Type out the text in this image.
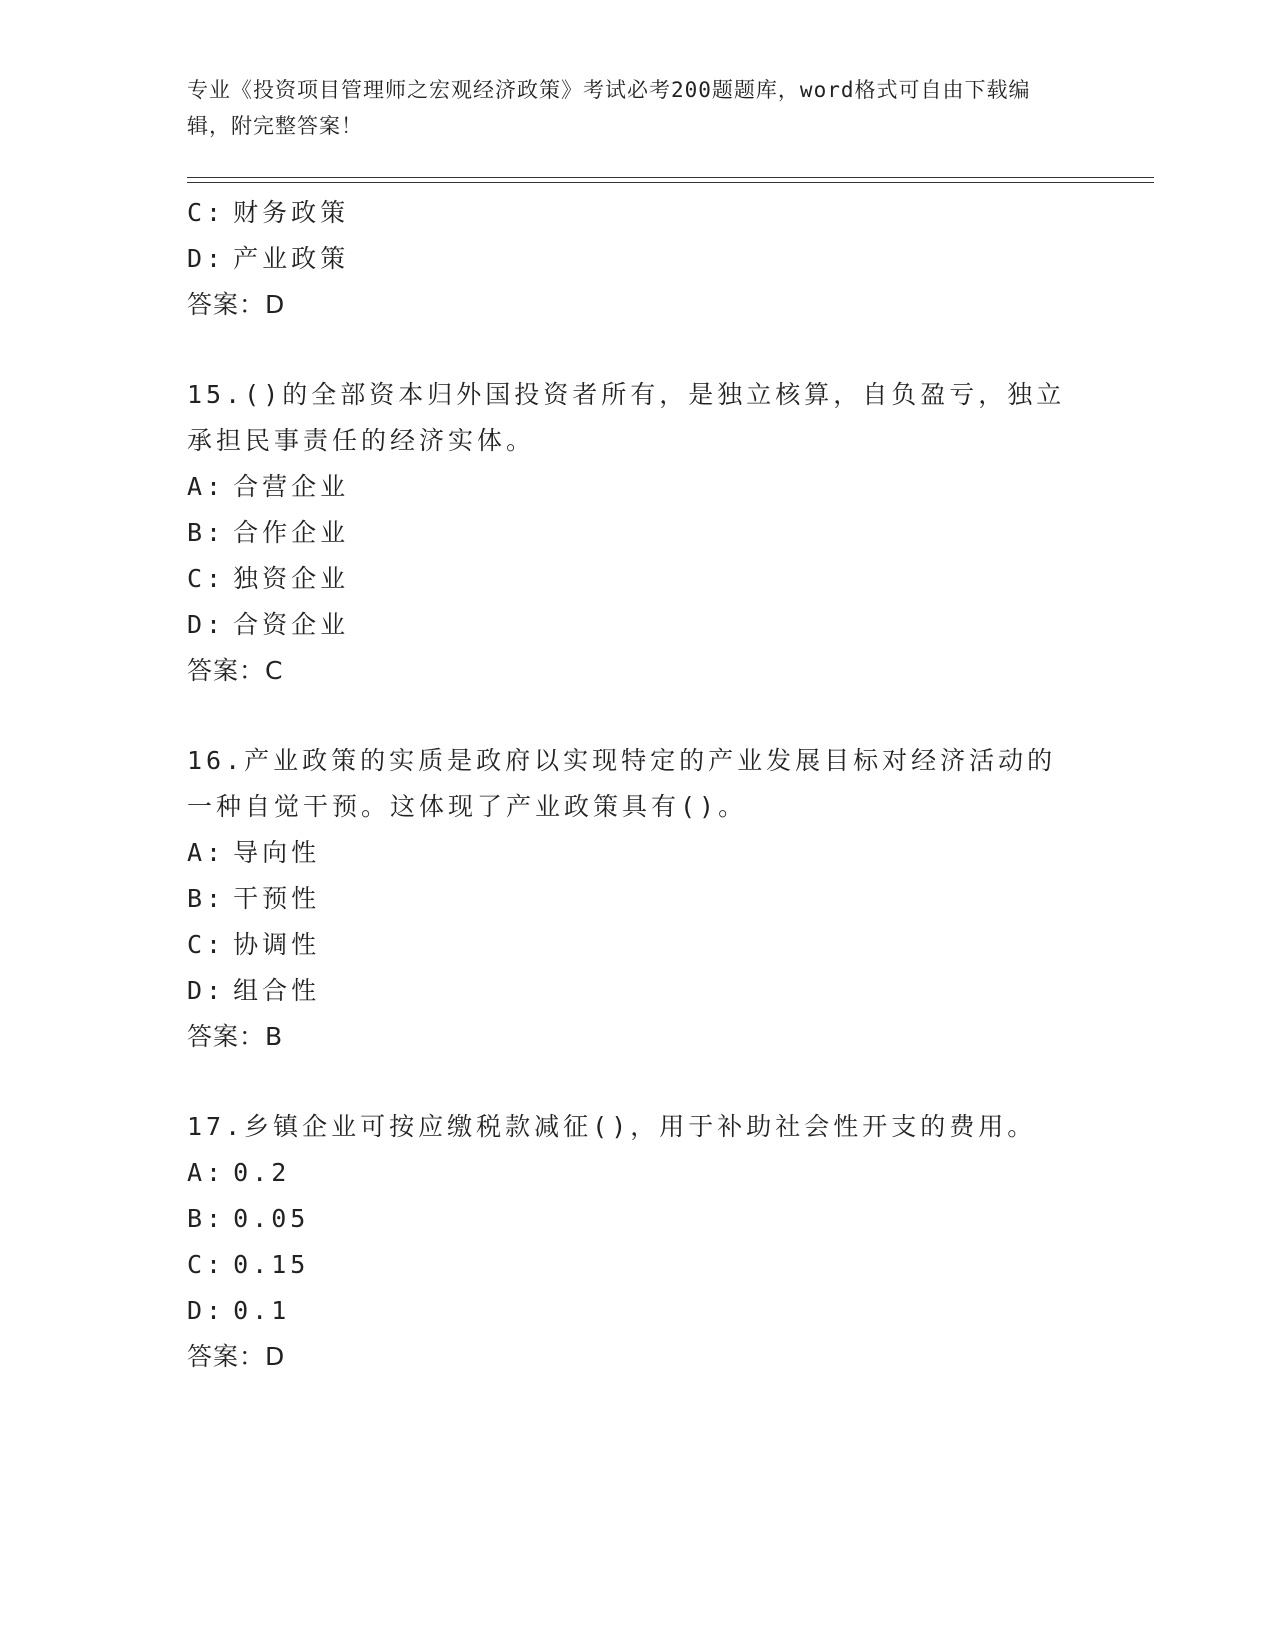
专业《投资项目管理师之宏观经济政策》考试必考200题题库，word格式可自由下载编辑，附完整答案！
C: 财务政策
D: 产业政策
答案：D
15.()的全部资本归外国投资者所有，是独立核算，自负盈亏，独立承担民事责任的经济实体。
A: 合营企业
B: 合作企业
C: 独资企业
D: 合资企业
答案：C
16.产业政策的实质是政府以实现特定的产业发展目标对经济活动的一种自觉干预。这体现了产业政策具有()。
A: 导向性
B: 干预性
C: 协调性
D: 组合性
答案：B
17.乡镇企业可按应缴税款减征()，用于补助社会性开支的费用。
A: 0.2
B: 0.05
C: 0.15
D: 0.1
答案：D
